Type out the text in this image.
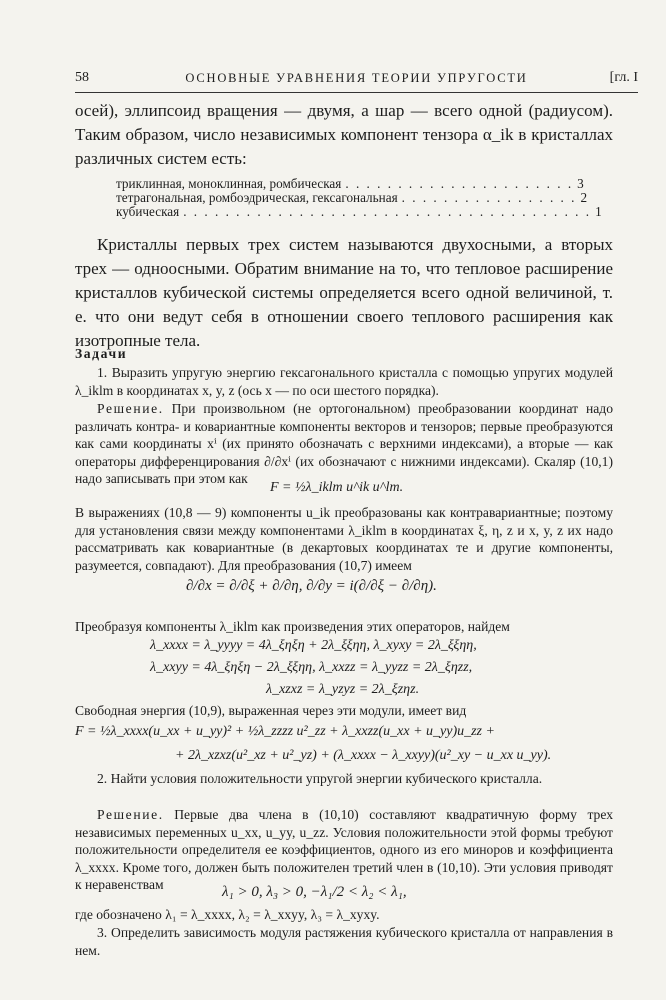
58	ОСНОВНЫЕ УРАВНЕНИЯ ТЕОРИИ УПРУГОСТИ	[гл. I
осей), эллипсоид вращения — двумя, а шар — всего одной (радиусом). Таким образом, число независимых компонент тензора α_ik в кристаллах различных систем есть:
триклинная, моноклинная, ромбическая . . . . . . . . . . . . . . . . . . . . . . 3
тетрагональная, ромбоэдрическая, гексагональная . . . . . . . . . . . . . . . . . 2
кубическая . . . . . . . . . . . . . . . . . . . . . . . . . . . . . . . . . . . . . . . 1
Кристаллы первых трех систем называются двухосными, а вторых трех — одноосными. Обратим внимание на то, что тепловое расширение кристаллов кубической системы определяется всего одной величиной, т. е. что они ведут себя в отношении своего теплового расширения как изотропные тела.
Задачи
1. Выразить упругую энергию гексагонального кристалла с помощью упругих модулей λ_iklm в координатах x, y, z (ось x — по оси шестого порядка).
Решение. При произвольном (не ортогональном) преобразовании координат надо различать контра- и ковариантные компоненты векторов и тензоров; первые преобразуются как сами координаты xⁱ (их принято обозначать с верхними индексами), а вторые — как операторы дифференцирования ∂/∂xⁱ (их обозначают с нижними индексами). Скаляр (10,1) надо записывать при этом как
F = ½λ_iklm u^ik u^lm.
В выражениях (10,8 — 9) компоненты u_ik преобразованы как контравариантные; поэтому для установления связи между компонентами λ_iklm в координатах ξ, η, z и x, y, z их надо рассматривать как ковариантные (в декартовых координатах те и другие компоненты, разумеется, совпадают). Для преобразования (10,7) имеем
∂/∂x = ∂/∂ξ + ∂/∂η, ∂/∂y = i(∂/∂ξ − ∂/∂η).
Преобразуя компоненты λ_iklm как произведения этих операторов, найдем
λ_xxxx = λ_yyyy = 4λ_ξηξη + 2λ_ξξηη, λ_xyxy = 2λ_ξξηη,
λ_xxyy = 4λ_ξηξη − 2λ_ξξηη, λ_xxzz = λ_yyzz = 2λ_ξηzz,
λ_xzxz = λ_yzyz = 2λ_ξzηz.
Свободная энергия (10,9), выраженная через эти модули, имеет вид
F = ½λ_xxxx(u_xx + u_yy)² + ½λ_zzzz u²_zz + λ_xxzz(u_xx + u_yy)u_zz +
+ 2λ_xzxz(u²_xz + u²_yz) + (λ_xxxx − λ_xxyy)(u²_xy − u_xx u_yy).
2. Найти условия положительности упругой энергии кубического кристалла.
Решение. Первые два члена в (10,10) составляют квадратичную форму трех независимых переменных u_xx, u_yy, u_zz. Условия положительности этой формы требуют положительности определителя ее коэффициентов, одного из его миноров и коэффициента λ_xxxx. Кроме того, должен быть положителен третий член в (10,10). Эти условия приводят к неравенствам	λ₁ > 0, λ₃ > 0, −λ₁/2 < λ₂ < λ₁,
где обозначено λ₁ = λ_xxxx, λ₂ = λ_xxyy, λ₃ = λ_xyxy.
3. Определить зависимость модуля растяжения кубического кристалла от направления в нем.
